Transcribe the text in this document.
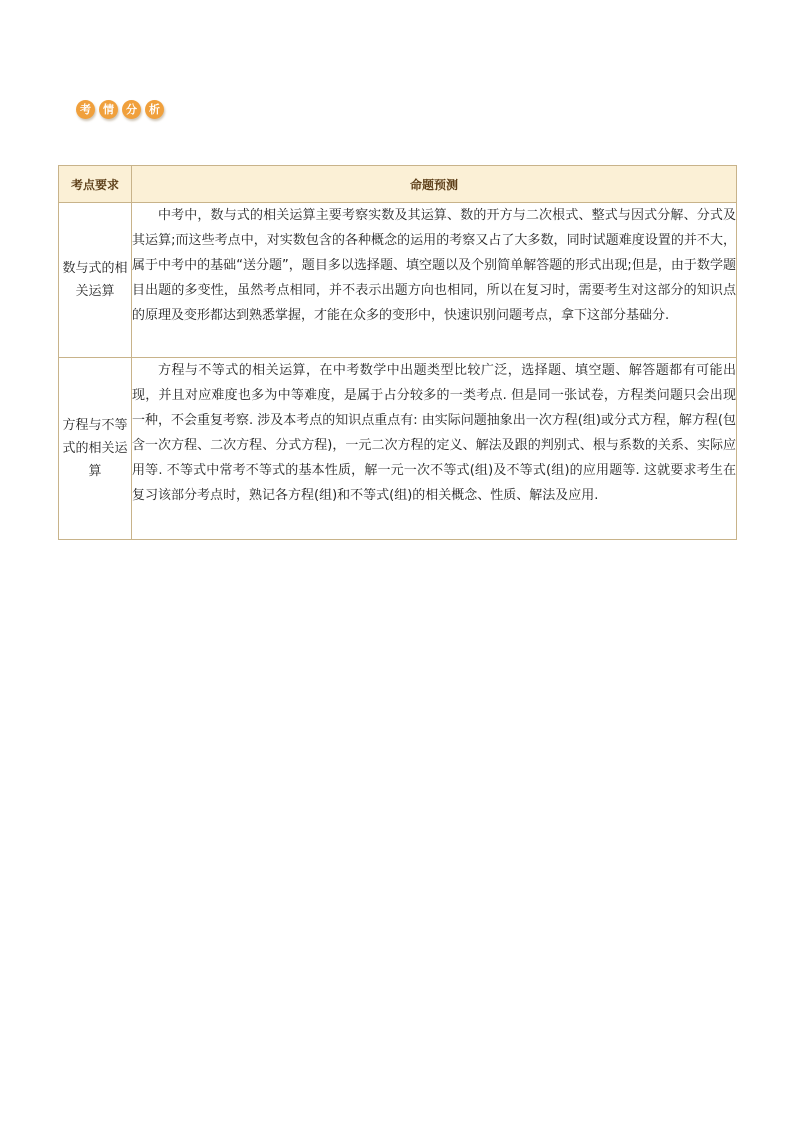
考	情	分	析
考点要求	命题预测
数与式的相关运算	中考中，数与式的相关运算主要考察实数及其运算、数的开方与二次根式、整式与因式分解、分式及其运算;而这些考点中，对实数包含的各种概念的运用的考察又占了大多数，同时试题难度设置的并不大，属于中考中的基础“送分题”，题目多以选择题、填空题以及个别简单解答题的形式出现;但是，由于数学题目出题的多变性，虽然考点相同，并不表示出题方向也相同，所以在复习时，需要考生对这部分的知识点的原理及变形都达到熟悉掌握，才能在众多的变形中，快速识别问题考点，拿下这部分基础分.

方程与不等式的相关运算	方程与不等式的相关运算，在中考数学中出题类型比较广泛，选择题、填空题、解答题都有可能出现，并且对应难度也多为中等难度，是属于占分较多的一类考点. 但是同一张试卷，方程类问题只会出现一种，不会重复考察. 涉及本考点的知识点重点有: 由实际问题抽象出一次方程(组)或分式方程，解方程(包含一次方程、二次方程、分式方程)，一元二次方程的定义、解法及跟的判别式、根与系数的关系、实际应用等. 不等式中常考不等式的基本性质，解一元一次不等式(组)及不等式(组)的应用题等. 这就要求考生在复习该部分考点时，熟记各方程(组)和不等式(组)的相关概念、性质、解法及应用.
